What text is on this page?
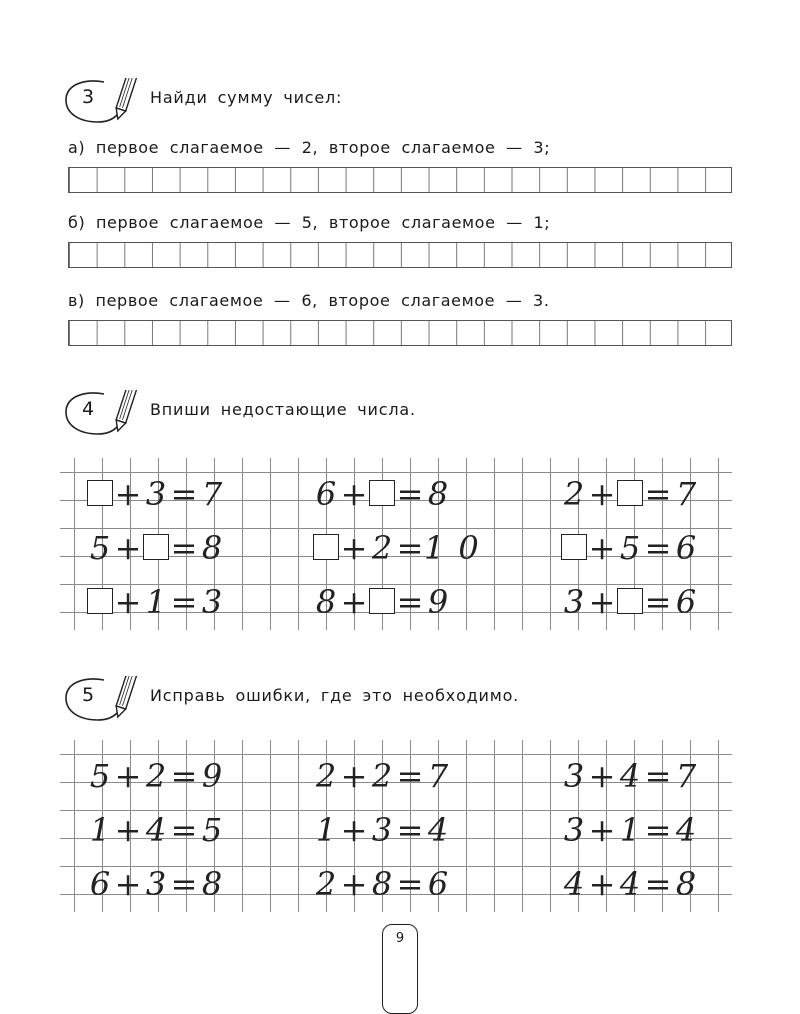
3	Найди сумму чисел:
а) первое слагаемое — 2, второе слагаемое — 3;
б) первое слагаемое — 5, второе слагаемое — 1;
в) первое слагаемое — 6, второе слагаемое — 3.
4	Впиши недостающие числа.
+ 3 = 7	6 + = 8	2 + = 7
5 + = 8	+ 2 = 10	+ 5 = 6
+ 1 = 3	8 + = 9	3 + = 6
5	Исправь ошибки, где это необходимо.
5 + 2 = 9	2 + 2 = 7	3 + 4 = 7
1 + 4 = 5	1 + 3 = 4	3 + 1 = 4
6 + 3 = 8	2 + 8 = 6	4 + 4 = 8
9
